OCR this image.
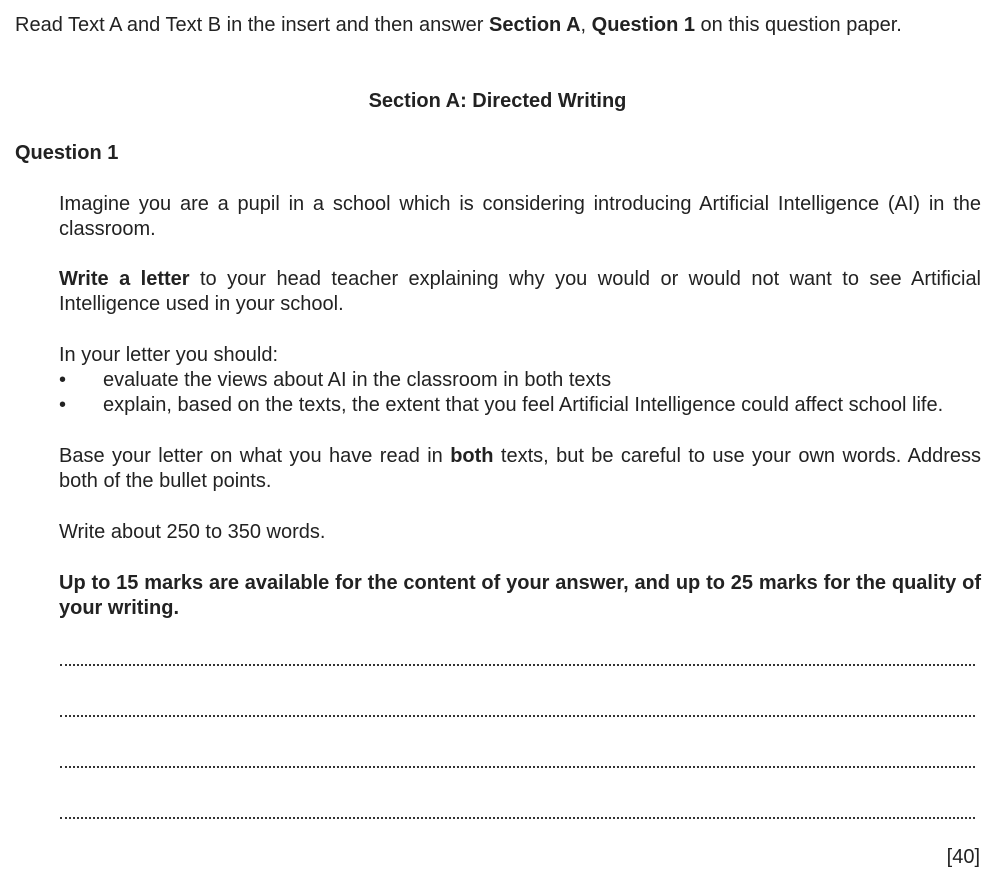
Read Text A and Text B in the insert and then answer Section A, Question 1 on this question paper.
Section A: Directed Writing
Question 1
Imagine you are a pupil in a school which is considering introducing Artificial Intelligence (AI) in the classroom.
Write a letter to your head teacher explaining why you would or would not want to see Artificial Intelligence used in your school.
In your letter you should:
• evaluate the views about AI in the classroom in both texts
• explain, based on the texts, the extent that you feel Artificial Intelligence could affect school life.
Base your letter on what you have read in both texts, but be careful to use your own words. Address both of the bullet points.
Write about 250 to 350 words.
Up to 15 marks are available for the content of your answer, and up to 25 marks for the quality of your writing.
[40]
